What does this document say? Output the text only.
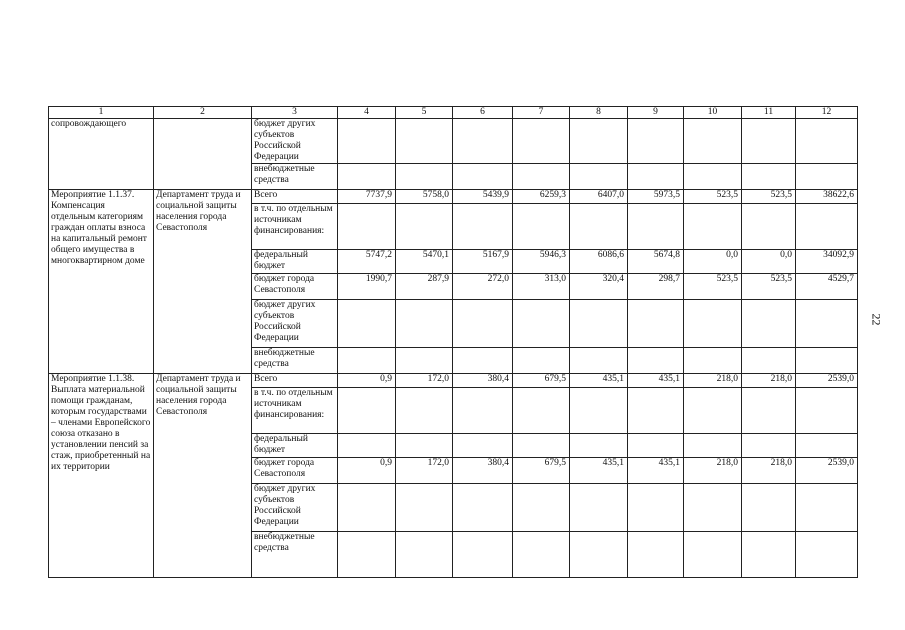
1	2	3	4	5	6	7	8	9	10	11	12
сопровождающего		бюджет других субъектов Российской Федерации									
		внебюджетные средства									
Мероприятие 1.1.37. Компенсация отдельным категориям граждан оплаты взноса на капитальный ремонт общего имущества в многоквартирном доме	Департамент труда и социальной защиты населения города Севастополя	Всего	7737,9	5758,0	5439,9	6259,3	6407,0	5973,5	523,5	523,5	38622,6
		в т.ч. по отдельным источникам финансирования:									
		федеральный бюджет	5747,2	5470,1	5167,9	5946,3	6086,6	5674,8	0,0	0,0	34092,9
		бюджет города Севастополя	1990,7	287,9	272,0	313,0	320,4	298,7	523,5	523,5	4529,7
		бюджет других субъектов Российской Федерации									
		внебюджетные средства									
Мероприятие 1.1.38. Выплата материальной помощи гражданам, которым государствами – членами Европейского союза отказано в установлении пенсий за стаж, приобретенный на их территории	Департамент труда и социальной защиты населения города Севастополя	Всего	0,9	172,0	380,4	679,5	435,1	435,1	218,0	218,0	2539,0
		в т.ч. по отдельным источникам финансирования:									
		федеральный бюджет									
		бюджет города Севастополя	0,9	172,0	380,4	679,5	435,1	435,1	218,0	218,0	2539,0
		бюджет других субъектов Российской Федерации									
		внебюджетные средства									
22
